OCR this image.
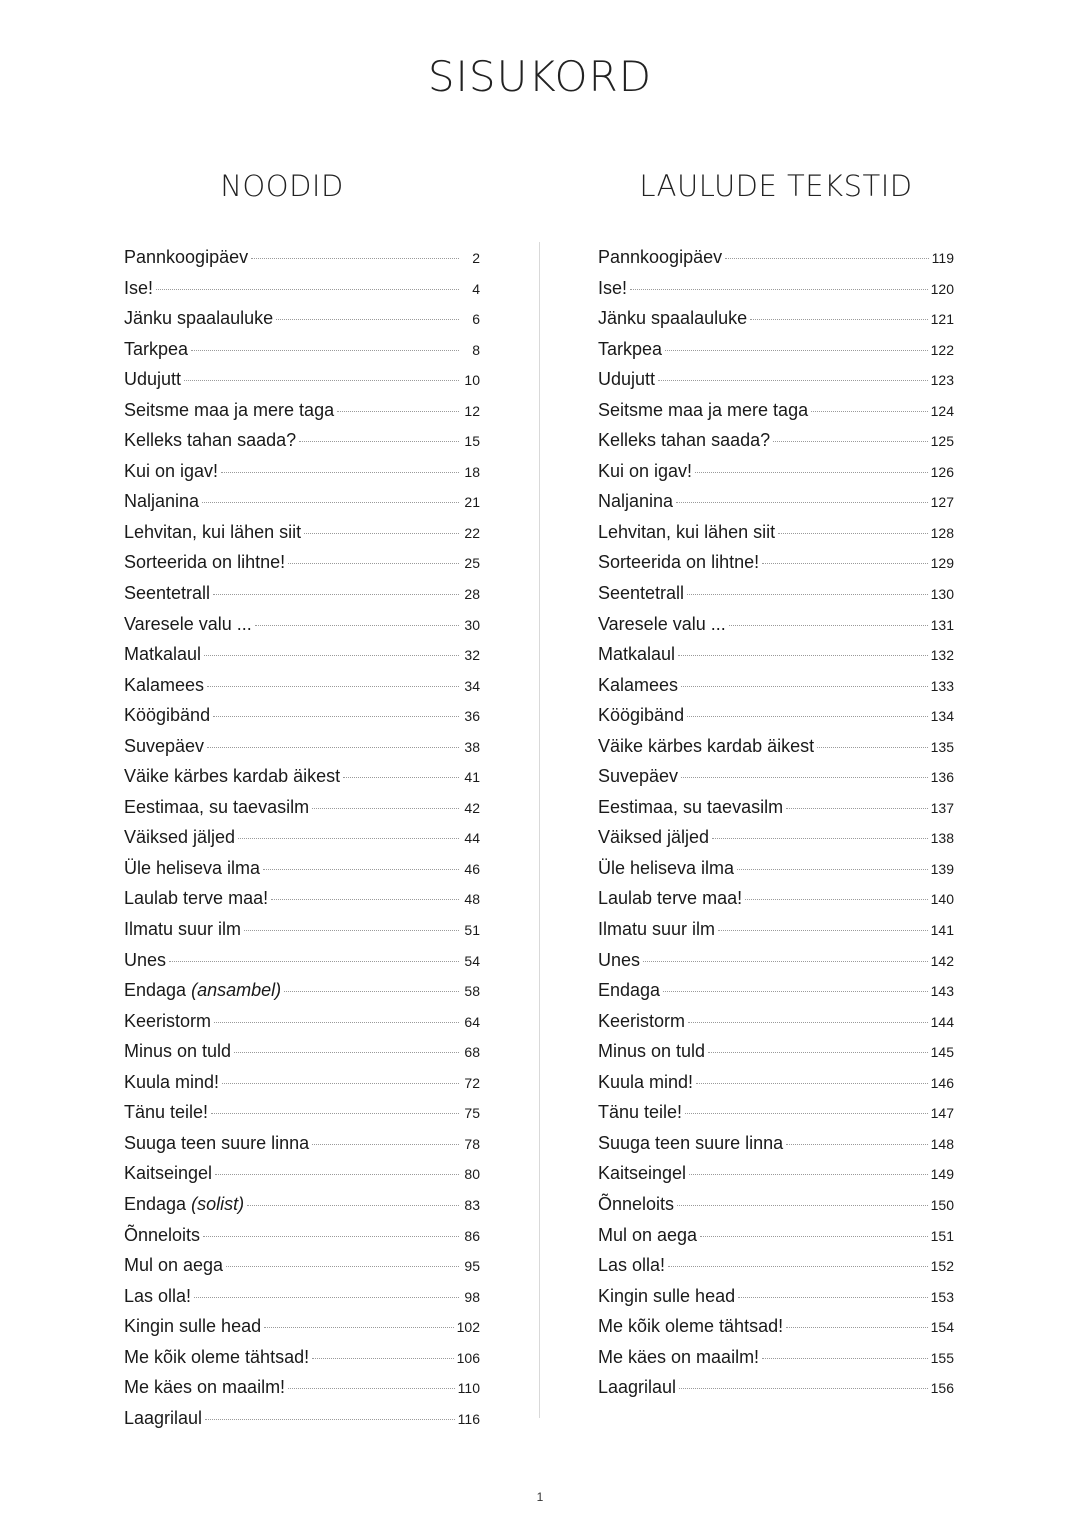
SISUKORD
NOODID
Pannkoogipäev	2
Ise!	4
Jänku spaalauluke	6
Tarkpea	8
Udujutt	10
Seitsme maa ja mere taga	12
Kelleks tahan saada?	15
Kui on igav!	18
Naljanina	21
Lehvitan, kui lähen siit	22
Sorteerida on lihtne!	25
Seentetrall	28
Varesele valu ...	30
Matkalaul	32
Kalamees	34
Köögibänd	36
Suvepäev	38
Väike kärbes kardab äikest	41
Eestimaa, su taevasilm	42
Väiksed jäljed	44
Üle heliseva ilma	46
Laulab terve maa!	48
Ilmatu suur ilm	51
Unes	54
Endaga (ansambel)	58
Keeristorm	64
Minus on tuld	68
Kuula mind!	72
Tänu teile!	75
Suuga teen suure linna	78
Kaitseingel	80
Endaga (solist)	83
Õnneloits	86
Mul on aega	95
Las olla!	98
Kingin sulle head	102
Me kõik oleme tähtsad!	106
Me käes on maailm!	110
Laagrilaul	116
LAULUDE TEKSTID
Pannkoogipäev	119
Ise!	120
Jänku spaalauluke	121
Tarkpea	122
Udujutt	123
Seitsme maa ja mere taga	124
Kelleks tahan saada?	125
Kui on igav!	126
Naljanina	127
Lehvitan, kui lähen siit	128
Sorteerida on lihtne!	129
Seentetrall	130
Varesele valu ...	131
Matkalaul	132
Kalamees	133
Köögibänd	134
Väike kärbes kardab äikest	135
Suvepäev	136
Eestimaa, su taevasilm	137
Väiksed jäljed	138
Üle heliseva ilma	139
Laulab terve maa!	140
Ilmatu suur ilm	141
Unes	142
Endaga	143
Keeristorm	144
Minus on tuld	145
Kuula mind!	146
Tänu teile!	147
Suuga teen suure linna	148
Kaitseingel	149
Õnneloits	150
Mul on aega	151
Las olla!	152
Kingin sulle head	153
Me kõik oleme tähtsad!	154
Me käes on maailm!	155
Laagrilaul	156
1
